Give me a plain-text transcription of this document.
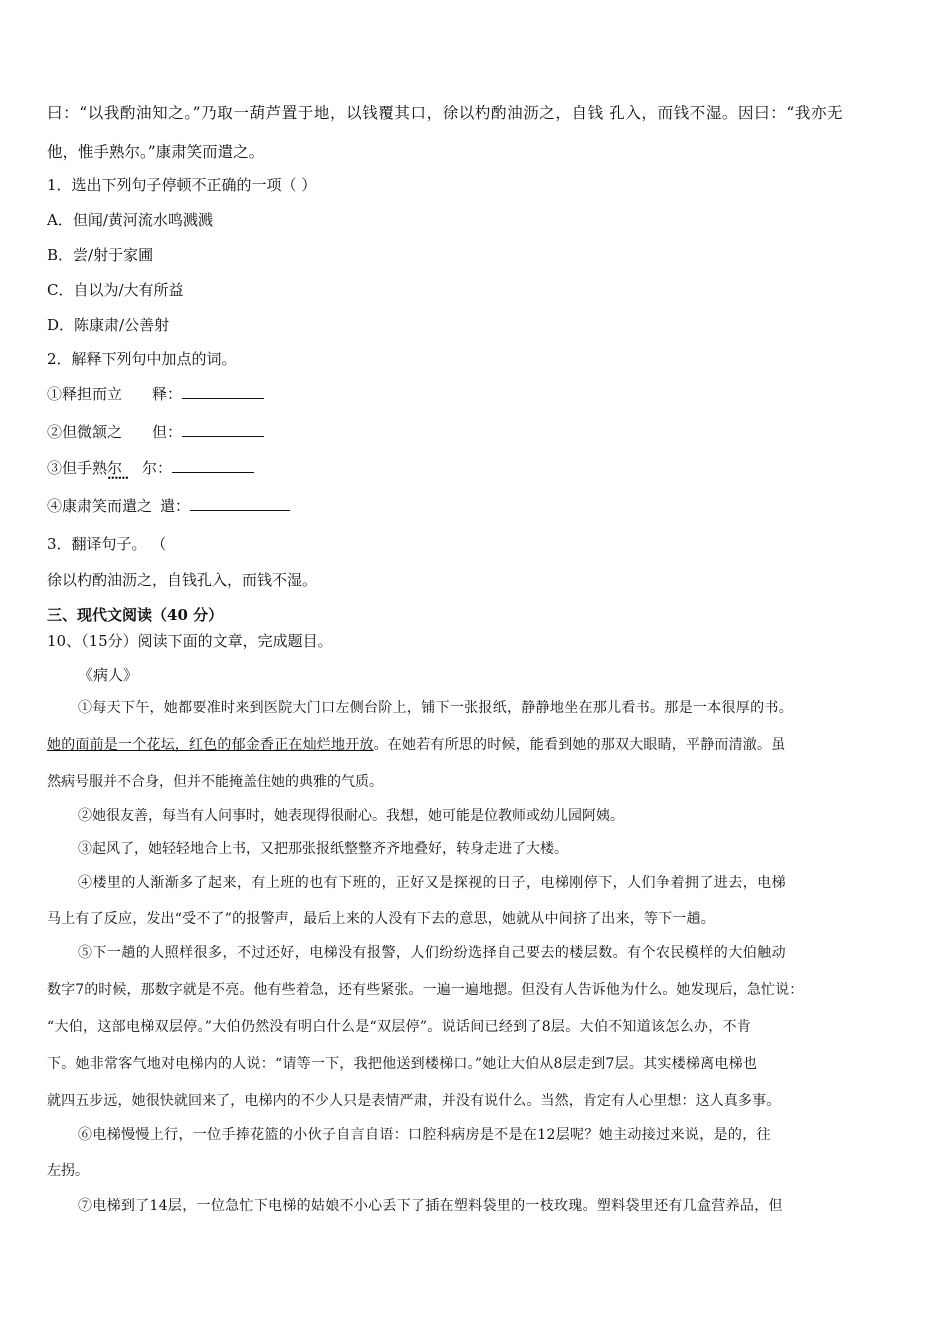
曰：“以我酌油知之。”乃取一葫芦置于地，以钱覆其口，徐以杓酌油沥之，自钱 孔入，而钱不湿。因曰：“我亦无
他，惟手熟尔。”康肃笑而遣之。
1．选出下列句子停顿不正确的一项（ ）
A．但闻/黄河流水鸣溅溅
B．尝/射于家圃
C．自以为/大有所益
D．陈康肃/公善射
2．解释下列句中加点的词。
①释担而立 释：
②但微颔之 但：
③但手熟尔 ...... 尔：
④康肃笑而遣之 遣：
3．翻译句子。 （
徐以杓酌油沥之，自钱孔入，而钱不湿。
三、现代文阅读（40 分）
10、（15分）阅读下面的文章，完成题目。
《病人》
①每天下午，她都要准时来到医院大门口左侧台阶上，铺下一张报纸，静静地坐在那儿看书。那是一本很厚的书。
她的面前是一个花坛，红色的郁金香正在灿烂地开放。在她若有所思的时候，能看到她的那双大眼睛，平静而清澈。虽
然病号服并不合身，但并不能掩盖住她的典雅的气质。
②她很友善，每当有人问事时，她表现得很耐心。我想，她可能是位教师或幼儿园阿姨。
③起风了，她轻轻地合上书，又把那张报纸整整齐齐地叠好，转身走进了大楼。
④楼里的人渐渐多了起来，有上班的也有下班的，正好又是探视的日子，电梯刚停下，人们争着拥了进去，电梯
马上有了反应，发出“受不了”的报警声，最后上来的人没有下去的意思，她就从中间挤了出来，等下一趟。
⑤下一趟的人照样很多，不过还好，电梯没有报警，人们纷纷选择自己要去的楼层数。有个农民模样的大伯触动
数字7的时候，那数字就是不亮。他有些着急，还有些紧张。一遍一遍地摁。但没有人告诉他为什么。她发现后，急忙说：
“大伯，这部电梯双层停。”大伯仍然没有明白什么是“双层停”。说话间已经到了8层。大伯不知道该怎么办，不肯
下。她非常客气地对电梯内的人说：“请等一下，我把他送到楼梯口。”她让大伯从8层走到7层。其实楼梯离电梯也
就四五步远，她很快就回来了，电梯内的不少人只是表情严肃，并没有说什么。当然，肯定有人心里想：这人真多事。
⑥电梯慢慢上行，一位手捧花篮的小伙子自言自语：口腔科病房是不是在12层呢？她主动接过来说，是的，往
左拐。
⑦电梯到了14层，一位急忙下电梯的姑娘不小心丢下了插在塑料袋里的一枝玫瑰。塑料袋里还有几盒营养品，但
